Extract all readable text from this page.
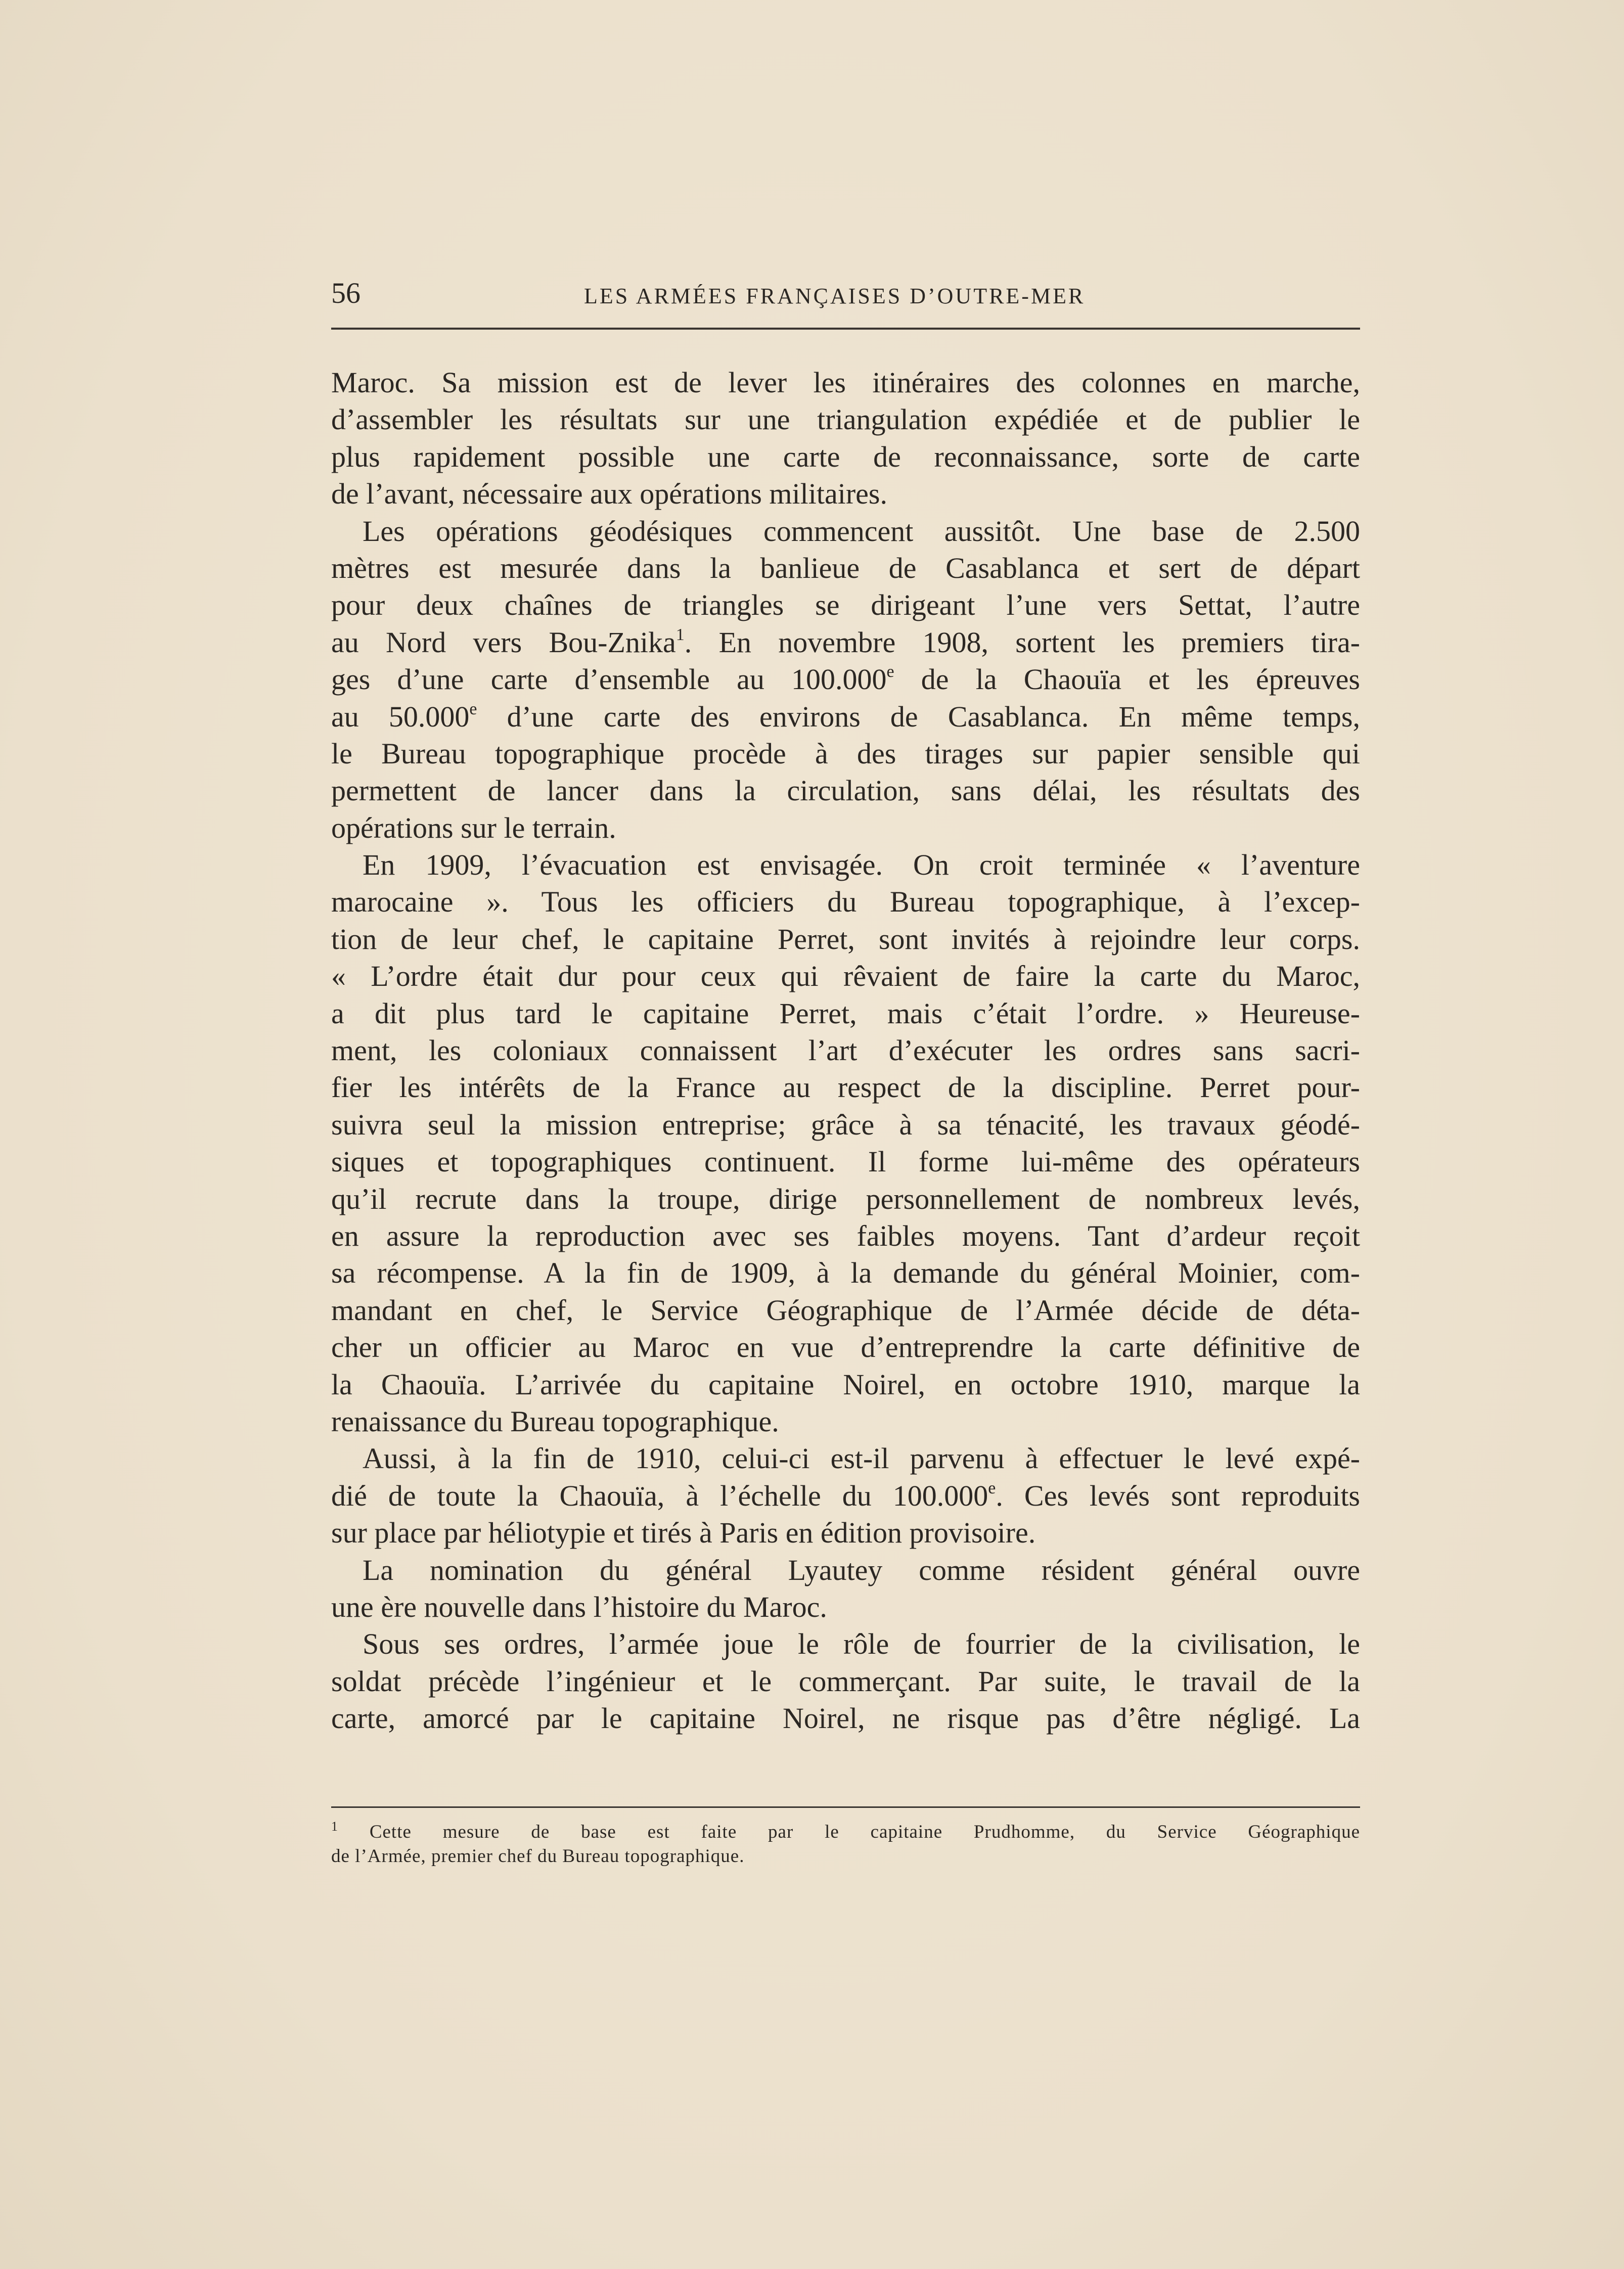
56	LES ARMÉES FRANÇAISES D’OUTRE-MER
Maroc. Sa mission est de lever les itinéraires des colonnes en marche,
d’assembler les résultats sur une triangulation expédiée et de publier le
plus rapidement possible une carte de reconnaissance, sorte de carte
de l’avant, nécessaire aux opérations militaires.
Les opérations géodésiques commencent aussitôt. Une base de 2.500
mètres est mesurée dans la banlieue de Casablanca et sert de départ
pour deux chaînes de triangles se dirigeant l’une vers Settat, l’autre
au Nord vers Bou-Znika$^1$. En novembre 1908, sortent les premiers tira-
ges d’une carte d’ensemble au 100.000e de la Chaouïa et les épreuves
au 50.000e d’une carte des environs de Casablanca. En même temps,
le Bureau topographique procède à des tirages sur papier sensible qui
permettent de lancer dans la circulation, sans délai, les résultats des
opérations sur le terrain.
En 1909, l’évacuation est envisagée. On croit terminée « l’aventure
marocaine ». Tous les officiers du Bureau topographique, à l’excep-
tion de leur chef, le capitaine Perret, sont invités à rejoindre leur corps.
« L’ordre était dur pour ceux qui rêvaient de faire la carte du Maroc,
a dit plus tard le capitaine Perret, mais c’était l’ordre. » Heureuse-
ment, les coloniaux connaissent l’art d’exécuter les ordres sans sacri-
fier les intérêts de la France au respect de la discipline. Perret pour-
suivra seul la mission entreprise; grâce à sa ténacité, les travaux géodé-
siques et topographiques continuent. Il forme lui-même des opérateurs
qu’il recrute dans la troupe, dirige personnellement de nombreux levés,
en assure la reproduction avec ses faibles moyens. Tant d’ardeur reçoit
sa récompense. A la fin de 1909, à la demande du général Moinier, com-
mandant en chef, le Service Géographique de l’Armée décide de déta-
cher un officier au Maroc en vue d’entreprendre la carte définitive de
la Chaouïa. L’arrivée du capitaine Noirel, en octobre 1910, marque la
renaissance du Bureau topographique.
Aussi, à la fin de 1910, celui-ci est-il parvenu à effectuer le levé expé-
dié de toute la Chaouïa, à l’échelle du 100.000e. Ces levés sont reproduits
sur place par héliotypie et tirés à Paris en édition provisoire.
La nomination du général Lyautey comme résident général ouvre
une ère nouvelle dans l’histoire du Maroc.
Sous ses ordres, l’armée joue le rôle de fourrier de la civilisation, le
soldat précède l’ingénieur et le commerçant. Par suite, le travail de la
carte, amorcé par le capitaine Noirel, ne risque pas d’être négligé. La
$^1$ Cette mesure de base est faite par le capitaine Prudhomme, du Service Géographique
de l’Armée, premier chef du Bureau topographique.
